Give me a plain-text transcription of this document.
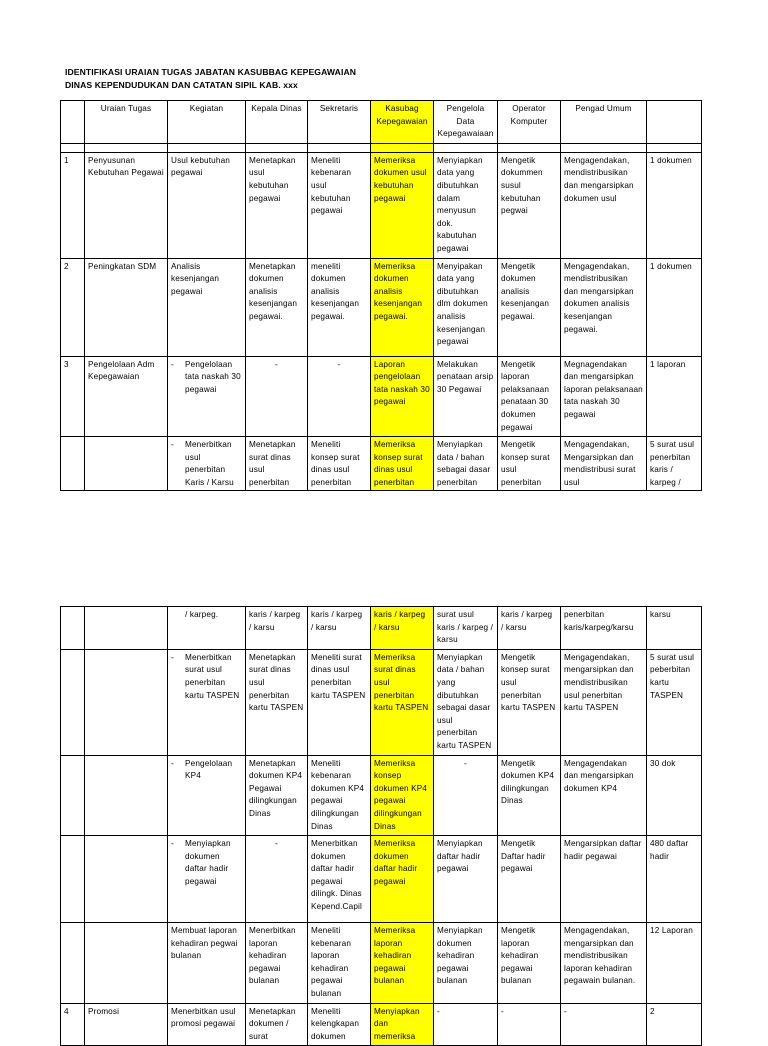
IDENTIFIKASI URAIAN TUGAS JABATAN KASUBBAG KEPEGAWAIAN
DINAS KEPENDUDUKAN DAN CATATAN SIPIL KAB. xxx
	Uraian Tugas	Kegiatan	Kepala Dinas	Sekretaris	Kasubag Kepegawaian	Pengelola Data Kepegawaiaan	Operator Komputer	Pengad Umum	

1	Penyusunan Kebutuhan Pegawai	Usul kebutuhan pegawai	Menetapkan usul kebutuhan pegawai	Meneliti kebenaran usul kebutuhan pegawai	Memeriksa dokumen usul kebutuhan pegawai	Menyiapkan data yang dibutuhkan dalam menyusun dok. kabutuhan pegawai	Mengetik dokummen susul kebutuhan pegwai	Mengagendakan, mendistribusikan dan mengarsipkan dokumen usul	1 dokumen
2	Peningkatan SDM	Analisis kesenjangan pegawai	Menetapkan dokumen analisis kesenjangan pegawai.	meneliti dokumen analisis kesenjangan pegawai.	Memeriksa dokumen analisis kesenjangan pegawai.	Menyipakan data yang dibutuhkan dlm dokumen analisis kesenjangan pegawai	Mengetik dokumen analisis kesenjangan pegawai.	Mengagendakan, mendistribusikan dan mengarsipkan dokumen analisis kesenjangan pegawai.	1 dokumen
3	Pengelolaan Adm Kepegawaian	- Pengelolaan tata naskah 30 pegawai	-	-	Laporan pengelolaan tata naskah 30 pegawai	Melakukan penataan arsip 30 Pegawai	Mengetik laporan pelaksanaan penataan 30 dokumen pegawai	Megnagendakan dan mengarsipkan laporan pelaksanaan tata naskah 30 pegawai	1 laporan

		- Menerbitkan usul penerbitan Karis / Karsu	Menetapkan surat dinas usul penerbitan	Meneliti konsep surat dinas usul penerbitan	Memeriksa konsep surat dinas usul penerbitan	Menyiapkan data / bahan sebagai dasar penerbitan	Mengetik konsep surat usul penerbitan	Mengagendakan, Mengarsipkan dan mendistribusi surat usul	5 surat usul penerbitan karis / karpeg /
		/ karpeg.	karis / karpeg / karsu	karis / karpeg / karsu	karis / karpeg / karsu	surat usul karis / karpeg / karsu	karis / karpeg / karsu	penerbitan karis/karpeg/karsu	karsu

		- Menerbitkan surat usul penerbitan kartu TASPEN	Menetapkan surat dinas usul penerbitan kartu TASPEN	Meneliti surat dinas usul penerbitan kartu TASPEN	Memeriksa surat dinas usul penerbitan kartu TASPEN	Menyiapkan data / bahan yang dibutuhkan sebagai dasar usul penerbitan kartu TASPEN	Mengetik konsep surat usul penerbitan kartu TASPEN	Mengagendakan, mengarsipkan dan mendistribusikan usul penerbitan kartu TASPEN	5 surat usul peberbitan kartu TASPEN

		- Pengelolaan KP4	Menetapkan dokumen KP4 Pegawai dilingkungan Dinas	Meneliti kebenaran dokumen KP4 pegawai dilingkungan Dinas	Memeriksa konsep dokumen KP4 pegawai dilingkungan Dinas	-	Mengetik dokumen KP4 dilingkungan Dinas	Mengagendakan dan mengarsipkan dokumen KP4	30 dok

		- Menyiapkan dokumen daftar hadir pegawai	-	Menerbitkan dokumen daftar hadir pegawai dilingk. Dinas Kepend.Capil	Memeriksa dokumen daftar hadir pegawai	Menyiapkan daftar hadir pegawai	Mengetik Daftar hadir pegawai	Mengarsipkan daftar hadir pegawai	480 daftar hadir
		Membuat laporan kehadiran pegwai bulanan	Menerbitkan laporan kehadiran pegawai bulanan	Meneliti kebenaran laporan kehadiran pegawai bulanan	Memeriksa laporan kehadiran pegawai bulanan	Menyiapkan dokumen kehadiran pegawai bulanan	Mengetik laporan kehadiran pegawai bulanan	Mengagendakan, mengarsipkan dan mendistribusikan laporan kehadiran pegawain bulanan.	12 Laporan
4	Promosi	Menerbitkan usul promosi pegawai	Menetapkan dokumen / surat	Meneliti kelengkapan dokumen	Menyiapkan dan memeriksa	-	-	-	2
